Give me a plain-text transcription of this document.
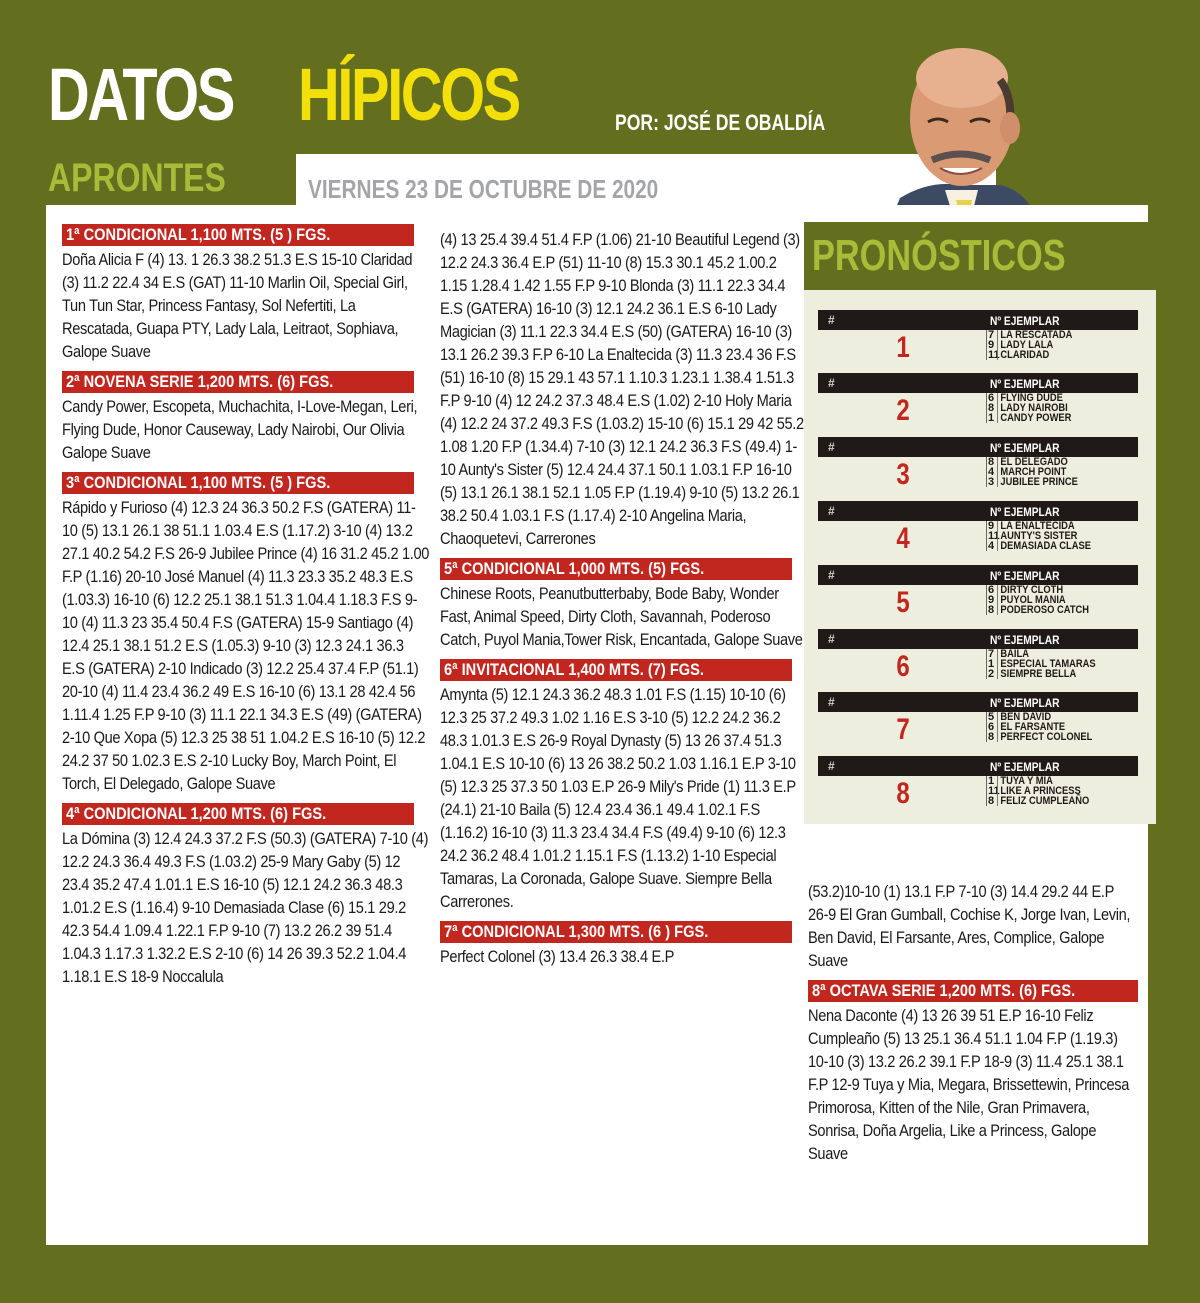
DATOS HÍPICOS	POR: JOSÉ DE OBALDÍA
APRONTES	VIERNES 23 DE OCTUBRE DE 2020
1ª CONDICIONAL 1,100 MTS. (5 ) FGS.
Doña Alicia F (4) 13. 1 26.3 38.2 51.3 E.S 15-10 Claridad (3) 11.2 22.4 34 E.S (GAT) 11-10 Marlin Oil, Special Girl, Tun Tun Star, Princess Fantasy, Sol Nefertiti, La Rescatada, Guapa PTY, Lady Lala, Leitraot, Sophiava, Galope Suave
2ª NOVENA SERIE 1,200 MTS. (6) FGS.
Candy Power, Escopeta, Muchachita, I-Love-Megan, Leri, Flying Dude, Honor Causeway, Lady Nairobi, Our Olivia Galope Suave
3ª CONDICIONAL 1,100 MTS. (5 ) FGS.
Rápido y Furioso (4) 12.3 24 36.3 50.2 F.S (GATERA) 11-10 (5) 13.1 26.1 38 51.1 1.03.4 E.S (1.17.2) 3-10 (4) 13.2 27.1 40.2 54.2 F.S 26-9 Jubilee Prince (4) 16 31.2 45.2 1.00 F.P (1.16) 20-10 José Manuel (4) 11.3 23.3 35.2 48.3 E.S (1.03.3) 16-10 (6) 12.2 25.1 38.1 51.3 1.04.4 1.18.3 F.S 9-10 (4) 11.3 23 35.4 50.4 F.S (GATERA) 15-9 Santiago (4) 12.4 25.1 38.1 51.2 E.S (1.05.3) 9-10 (3) 12.3 24.1 36.3 E.S (GATERA) 2-10 Indicado (3) 12.2 25.4 37.4 F.P (51.1) 20-10 (4) 11.4 23.4 36.2 49 E.S 16-10 (6) 13.1 28 42.4 56 1.11.4 1.25 F.P 9-10 (3) 11.1 22.1 34.3 E.S (49) (GATERA) 2-10 Que Xopa (5) 12.3 25 38 51 1.04.2 E.S 16-10 (5) 12.2 24.2 37 50 1.02.3 E.S 2-10 Lucky Boy, March Point, El Torch, El Delegado, Galope Suave
4ª CONDICIONAL 1,200 MTS. (6) FGS.
La Dómina (3) 12.4 24.3 37.2 F.S (50.3) (GATERA) 7-10 (4) 12.2 24.3 36.4 49.3 F.S (1.03.2) 25-9 Mary Gaby (5) 12 23.4 35.2 47.4 1.01.1 E.S 16-10 (5) 12.1 24.2 36.3 48.3 1.01.2 E.S (1.16.4) 9-10 Demasiada Clase (6) 15.1 29.2 42.3 54.4 1.09.4 1.22.1 F.P 9-10 (7) 13.2 26.2 39 51.4 1.04.3 1.17.3 1.32.2 E.S 2-10 (6) 14 26 39.3 52.2 1.04.4 1.18.1 E.S 18-9 Noccalula
(4) 13 25.4 39.4 51.4 F.P (1.06) 21-10 Beautiful Legend (3) 12.2 24.3 36.4 E.P (51) 11-10 (8) 15.3 30.1 45.2 1.00.2 1.15 1.28.4 1.42 1.55 F.P 9-10 Blonda (3) 11.1 22.3 34.4 E.S (GATERA) 16-10 (3) 12.1 24.2 36.1 E.S 6-10 Lady Magician (3) 11.1 22.3 34.4 E.S (50) (GATERA) 16-10 (3) 13.1 26.2 39.3 F.P 6-10 La Enaltecida (3) 11.3 23.4 36 F.S (51) 16-10 (8) 15 29.1 43 57.1 1.10.3 1.23.1 1.38.4 1.51.3 F.P 9-10 (4) 12 24.2 37.3 48.4 E.S (1.02) 2-10 Holy Maria (4) 12.2 24 37.2 49.3 F.S (1.03.2) 15-10 (6) 15.1 29 42 55.2 1.08 1.20 F.P (1.34.4) 7-10 (3) 12.1 24.2 36.3 F.S (49.4) 1-10 Aunty's Sister (5) 12.4 24.4 37.1 50.1 1.03.1 F.P 16-10 (5) 13.1 26.1 38.1 52.1 1.05 F.P (1.19.4) 9-10 (5) 13.2 26.1 38.2 50.4 1.03.1 F.S (1.17.4) 2-10 Angelina Maria, Chaoquetevi, Carrerones
5ª CONDICIONAL 1,000 MTS. (5) FGS.
Chinese Roots, Peanutbutterbaby, Bode Baby, Wonder Fast, Animal Speed, Dirty Cloth, Savannah, Poderoso Catch, Puyol Mania,Tower Risk, Encantada, Galope Suave
6ª INVITACIONAL 1,400 MTS. (7) FGS.
Amynta (5) 12.1 24.3 36.2 48.3 1.01 F.S (1.15) 10-10 (6) 12.3 25 37.2 49.3 1.02 1.16 E.S 3-10 (5) 12.2 24.2 36.2 48.3 1.01.3 E.S 26-9 Royal Dynasty (5) 13 26 37.4 51.3 1.04.1 E.S 10-10 (6) 13 26 38.2 50.2 1.03 1.16.1 E.P 3-10 (5) 12.3 25 37.3 50 1.03 E.P 26-9 Mily's Pride (1) 11.3 E.P (24.1) 21-10 Baila (5) 12.4 23.4 36.1 49.4 1.02.1 F.S (1.16.2) 16-10 (3) 11.3 23.4 34.4 F.S (49.4) 9-10 (6) 12.3 24.2 36.2 48.4 1.01.2 1.15.1 F.S (1.13.2) 1-10 Especial Tamaras, La Coronada, Galope Suave. Siempre Bella Carrerones.
7ª CONDICIONAL 1,300 MTS. (6 ) FGS.
Perfect Colonel (3) 13.4 26.3 38.4 E.P
PRONÓSTICOS
#	Nº EJEMPLAR
1	7 LA RESCATADA
9 LADY LALA
11 CLARIDAD
#	Nº EJEMPLAR
2	6 FLYING DUDE
8 LADY NAIROBI
1 CANDY POWER
#	Nº EJEMPLAR
3	8 EL DELEGADO
4 MARCH POINT
3 JUBILEE PRINCE
#	Nº EJEMPLAR
4	9 LA ENALTECIDA
11 AUNTY'S SISTER
4 DEMASIADA CLASE
#	Nº EJEMPLAR
5	6 DIRTY CLOTH
9 PUYOL MANIA
8 PODEROSO CATCH
#	Nº EJEMPLAR
6	7 BAILA
1 ESPECIAL TAMARAS
2 SIEMPRE BELLA
#	Nº EJEMPLAR
7	5 BEN DAVID
6 EL FARSANTE
8 PERFECT COLONEL
#	Nº EJEMPLAR
8	1 TUYA Y MIA
11 LIKE A PRINCESS
8 FELIZ CUMPLEAÑO
(53.2)10-10 (1) 13.1 F.P 7-10 (3) 14.4 29.2 44 E.P 26-9 El Gran Gumball, Cochise K, Jorge Ivan, Levin, Ben David, El Farsante, Ares, Complice, Galope Suave
8ª OCTAVA SERIE 1,200 MTS. (6) FGS.
Nena Daconte (4) 13 26 39 51 E.P 16-10 Feliz Cumpleaño (5) 13 25.1 36.4 51.1 1.04 F.P (1.19.3) 10-10 (3) 13.2 26.2 39.1 F.P 18-9 (3) 11.4 25.1 38.1 F.P 12-9 Tuya y Mia, Megara, Brissettewin, Princesa Primorosa, Kitten of the Nile, Gran Primavera, Sonrisa, Doña Argelia, Like a Princess, Galope Suave
